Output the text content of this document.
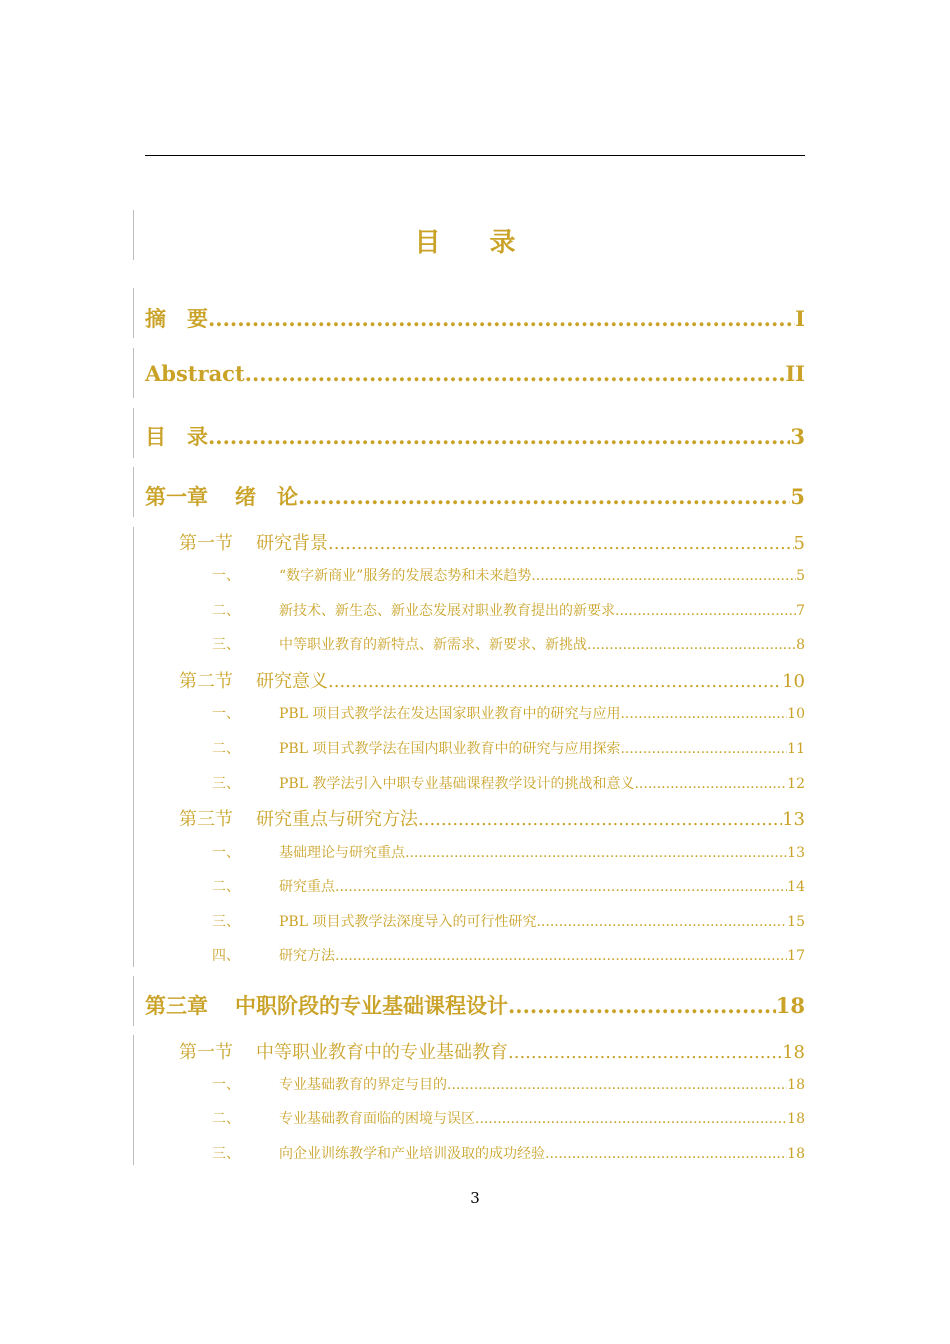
目 录
摘　要 .....	I
Abstract .....	II
目　录 .....	3
第一章	绪　论 .....	5
第一节	研究背景 .....	5
一、	“数字新商业”服务的发展态势和未来趋势 .....	5
二、	新技术、新生态、新业态发展对职业教育提出的新要求 .....	7
三、	中等职业教育的新特点、新需求、新要求、新挑战 .....	8
第二节	研究意义 .....	10
一、	PBL 项目式教学法在发达国家职业教育中的研究与应用 .....	10
二、	PBL 项目式教学法在国内职业教育中的研究与应用探索 .....	11
三、	PBL 教学法引入中职专业基础课程教学设计的挑战和意义 .....	12
第三节	研究重点与研究方法 .....	13
一、	基础理论与研究重点 .....	13
二、	研究重点 .....	14
三、	PBL 项目式教学法深度导入的可行性研究 .....	15
四、	研究方法 .....	17
第三章	中职阶段的专业基础课程设计 .....	18
第一节	中等职业教育中的专业基础教育 .....	18
一、	专业基础教育的界定与目的 .....	18
二、	专业基础教育面临的困境与误区 .....	18
三、	向企业训练教学和产业培训汲取的成功经验 .....	18
3
